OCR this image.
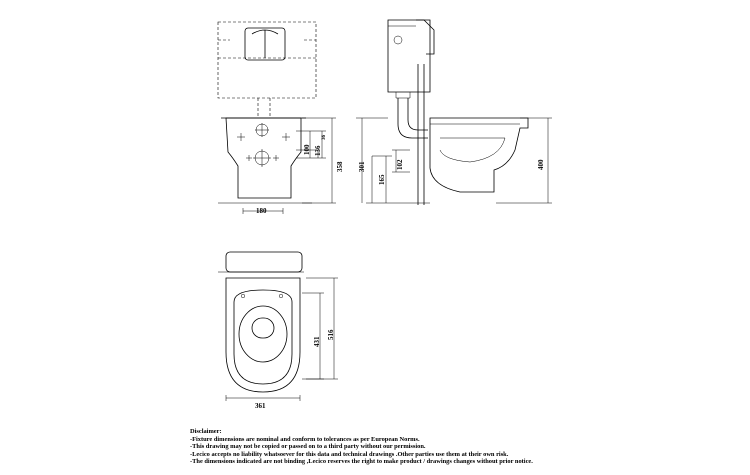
180
358
100 136
36
301
165
102	400
361
431
516
Disclaimer:
-Fixture dimensions are nominal and conform to tolerances as per European Norms.
-This drawing may not be copied or passed on to a third party without our permission.
-Lecico accepts no liability whatsoever for this data and technical drawings .Other parties use them at their own risk.
-The dimensions indicated are not binding ,Lecico reserves the right to make product / drawings changes without prior notice.
